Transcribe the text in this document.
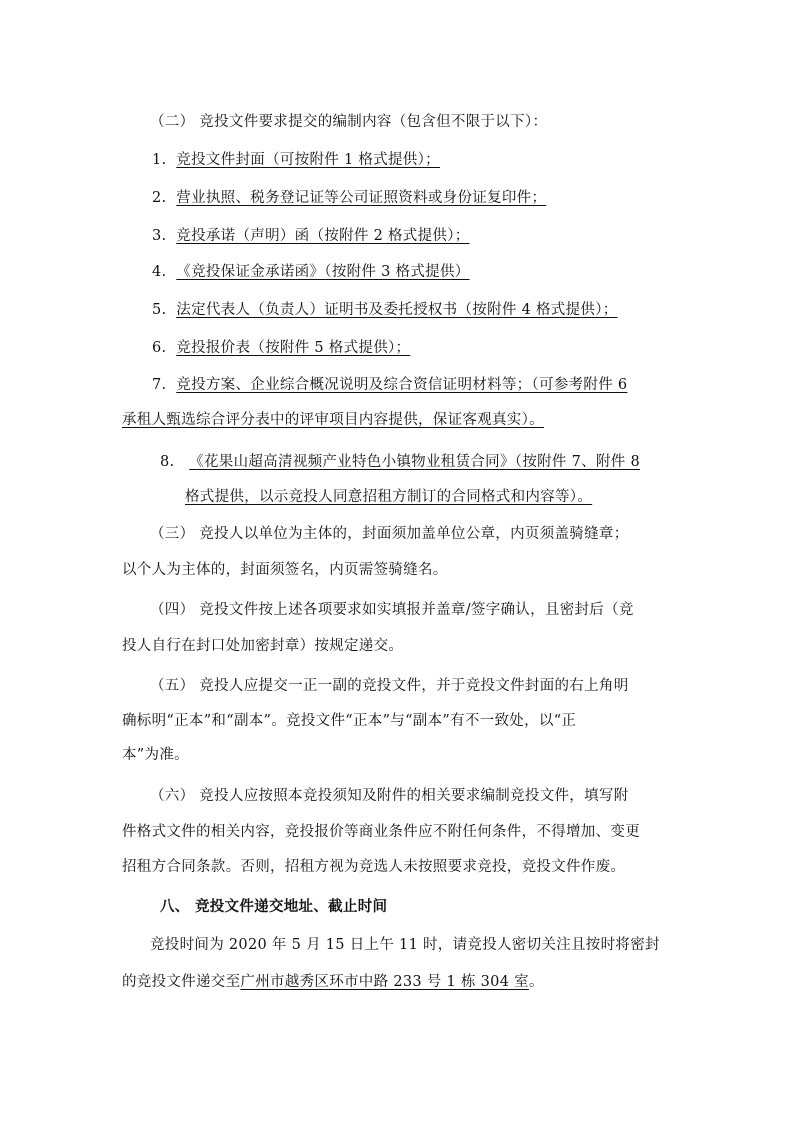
（二） 竞投文件要求提交的编制内容（包含但不限于以下）：
1. 竞投文件封面（可按附件 1 格式提供）；
2. 营业执照、税务登记证等公司证照资料或身份证复印件；
3. 竞投承诺（声明）函（按附件 2 格式提供）；
4. 《竞投保证金承诺函》（按附件 3 格式提供）
5. 法定代表人（负责人）证明书及委托授权书（按附件 4 格式提供）；
6. 竞投报价表（按附件 5 格式提供）；
7. 竞投方案、企业综合概况说明及综合资信证明材料等；（可参考附件 6
承租人甄选综合评分表中的评审项目内容提供，保证客观真实）。
8. 《花果山超高清视频产业特色小镇物业租赁合同》（按附件 7、附件 8
格式提供，以示竞投人同意招租方制订的合同格式和内容等）。
（三） 竞投人以单位为主体的，封面须加盖单位公章，内页须盖骑缝章；
以个人为主体的，封面须签名，内页需签骑缝名。
（四） 竞投文件按上述各项要求如实填报并盖章/签字确认，且密封后（竞
投人自行在封口处加密封章）按规定递交。
（五） 竞投人应提交一正一副的竞投文件，并于竞投文件封面的右上角明
确标明“正本”和“副本”。竞投文件“正本”与“副本”有不一致处，以“正
本”为准。
（六） 竞投人应按照本竞投须知及附件的相关要求编制竞投文件，填写附
件格式文件的相关内容，竞投报价等商业条件应不附任何条件，不得增加、变更
招租方合同条款。否则，招租方视为竞选人未按照要求竞投，竞投文件作废。
八、 竞投文件递交地址、截止时间
竞投时间为 2020 年 5 月 15 日上午 11 时，请竞投人密切关注且按时将密封
的竞投文件递交至广州市越秀区环市中路 233 号 1 栋 304 室。
